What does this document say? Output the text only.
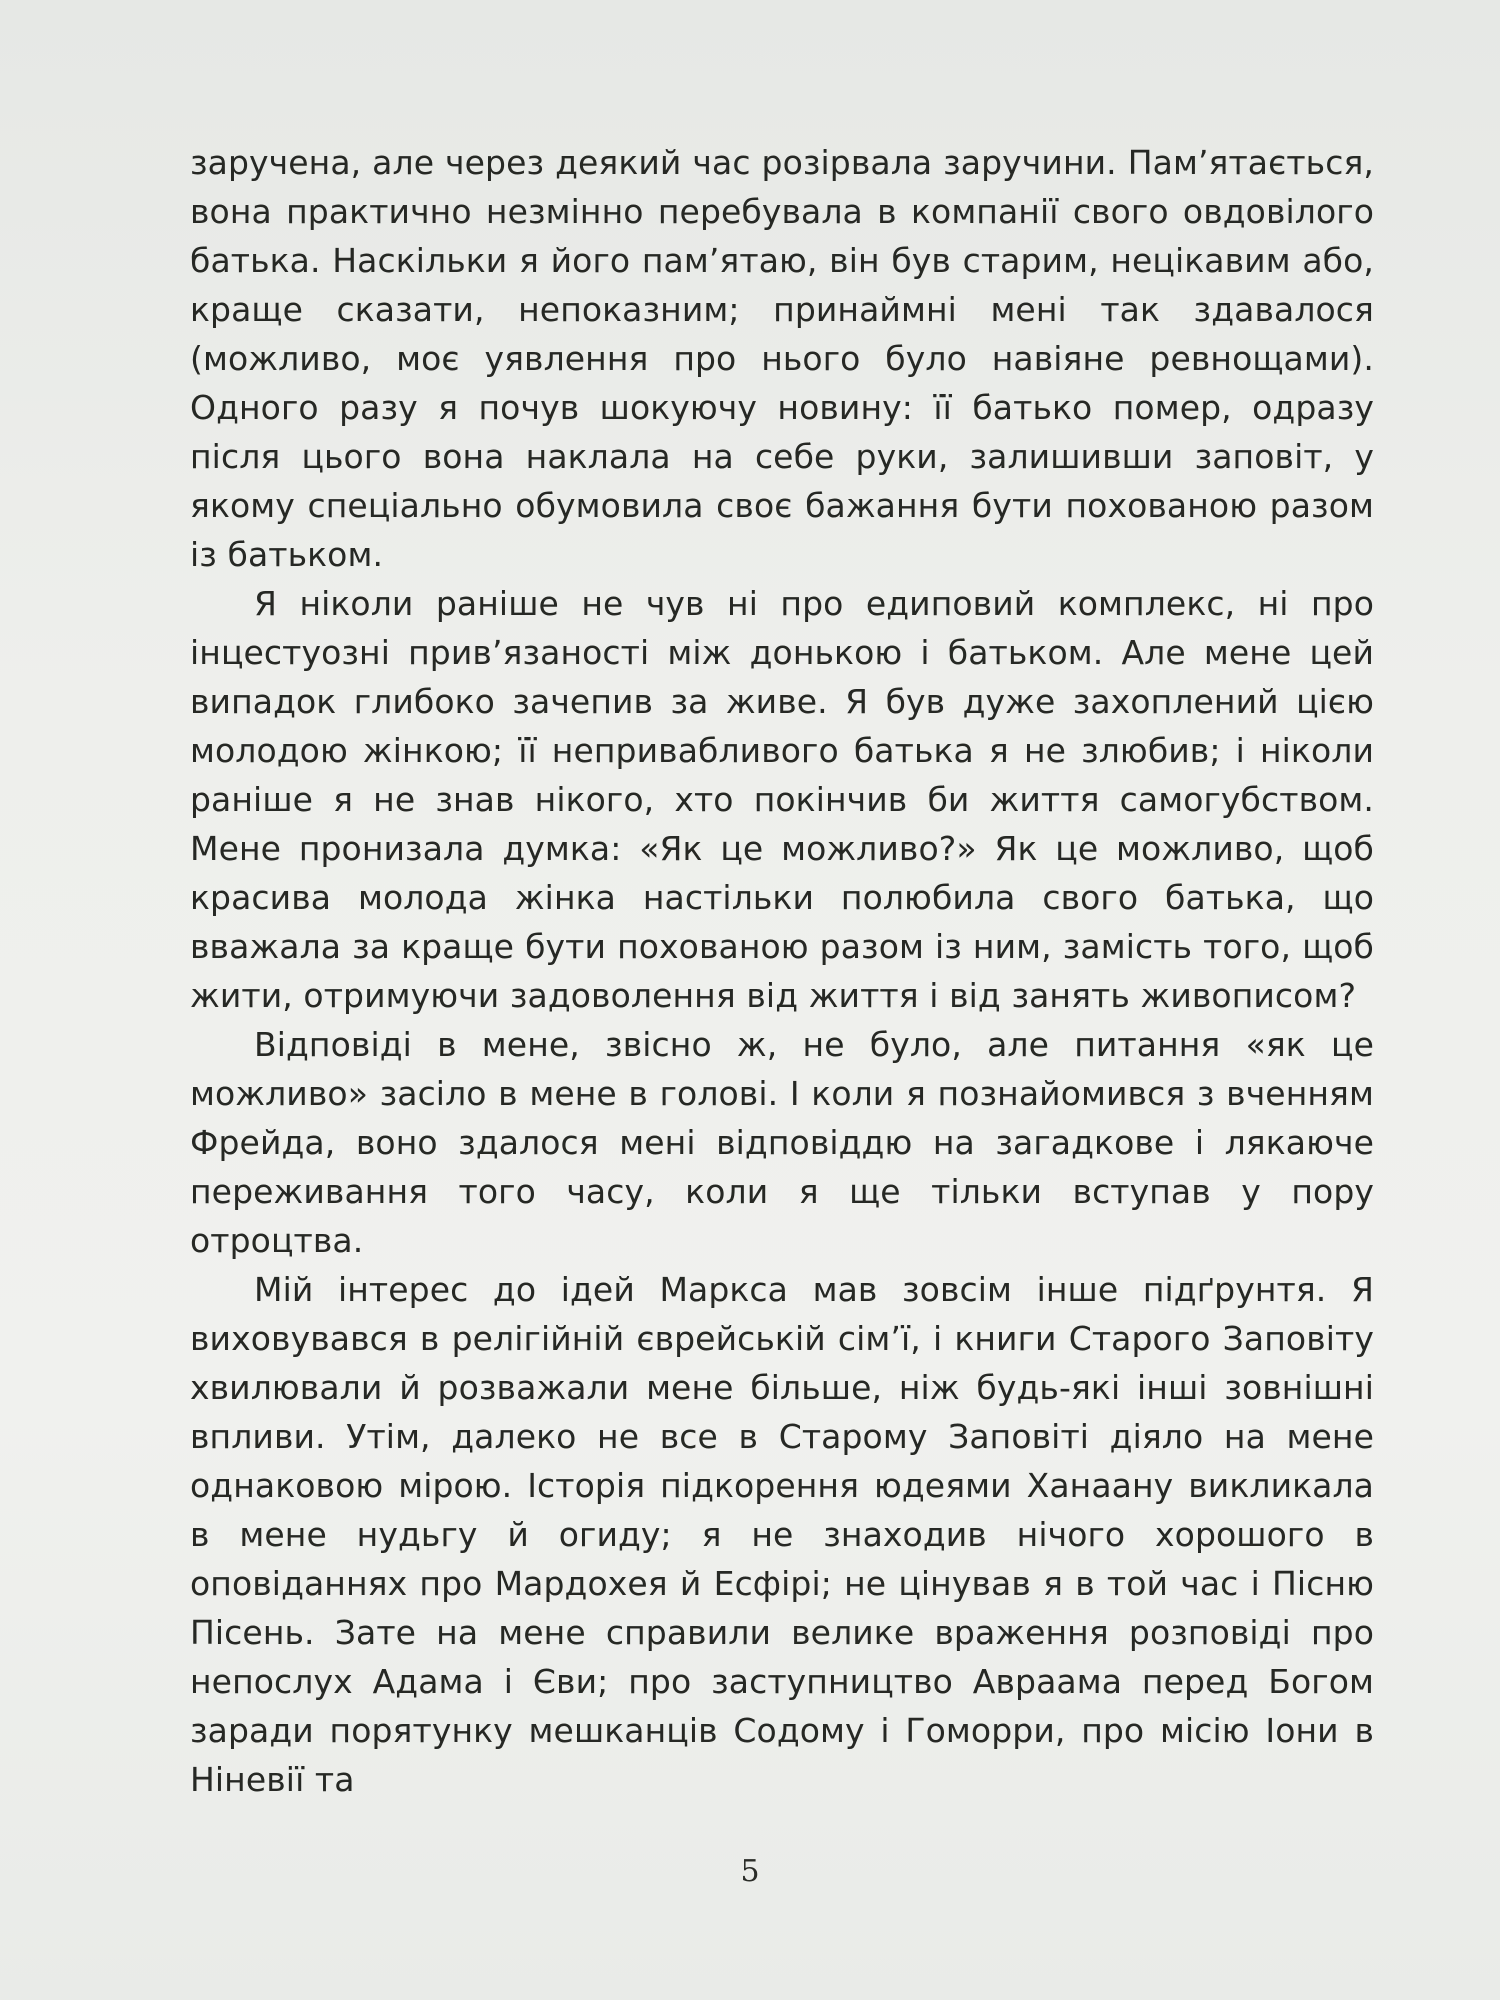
заручена, але через деякий час розірвала заручини. Пам’ятається, вона практично незмінно перебувала в компанії свого овдовілого батька. Наскільки я його пам’ятаю, він був старим, нецікавим або, краще сказати, непоказним; принаймні мені так здавалося (можливо, моє уявлення про нього було навіяне ревнощами). Одного разу я почув шокуючу новину: її батько помер, одразу після цього вона наклала на себе руки, залишивши заповіт, у якому спеціально обумовила своє бажання бути похованою разом із батьком.

Я ніколи раніше не чув ні про едиповий комплекс, ні про інцестуозні прив’язаності між донькою і батьком. Але мене цей випадок глибоко зачепив за живе. Я був дуже захоплений цією молодою жінкою; її непривабливого батька я не злюбив; і ніколи раніше я не знав нікого, хто покінчив би життя самогубством. Мене пронизала думка: «Як це можливо?» Як це можливо, щоб красива молода жінка настільки полюбила свого батька, що вважала за краще бути похованою разом із ним, замість того, щоб жити, отримуючи задоволення від життя і від занять живописом?

Відповіді в мене, звісно ж, не було, але питання «як це можливо» засіло в мене в голові. І коли я познайомився з вченням Фрейда, воно здалося мені відповіддю на загадкове і лякаюче переживання того часу, коли я ще тільки вступав у пору отроцтва.

Мій інтерес до ідей Маркса мав зовсім інше підґрунтя. Я виховувався в релігійній єврейській сім’ї, і книги Старого Заповіту хвилювали й розважали мене більше, ніж будь-які інші зовнішні впливи. Утім, далеко не все в Старому Заповіті діяло на мене однаковою мірою. Історія підкорення юдеями Ханаану викликала в мене нудьгу й огиду; я не знаходив нічого хорошого в оповіданнях про Мардохея й Есфірі; не цінував я в той час і Пісню Пісень. Зате на мене справили велике враження розповіді про непослух Адама і Єви; про заступництво Авраама перед Богом заради порятунку мешканців Содому і Гоморри, про місію Іони в Ніневії та

5
